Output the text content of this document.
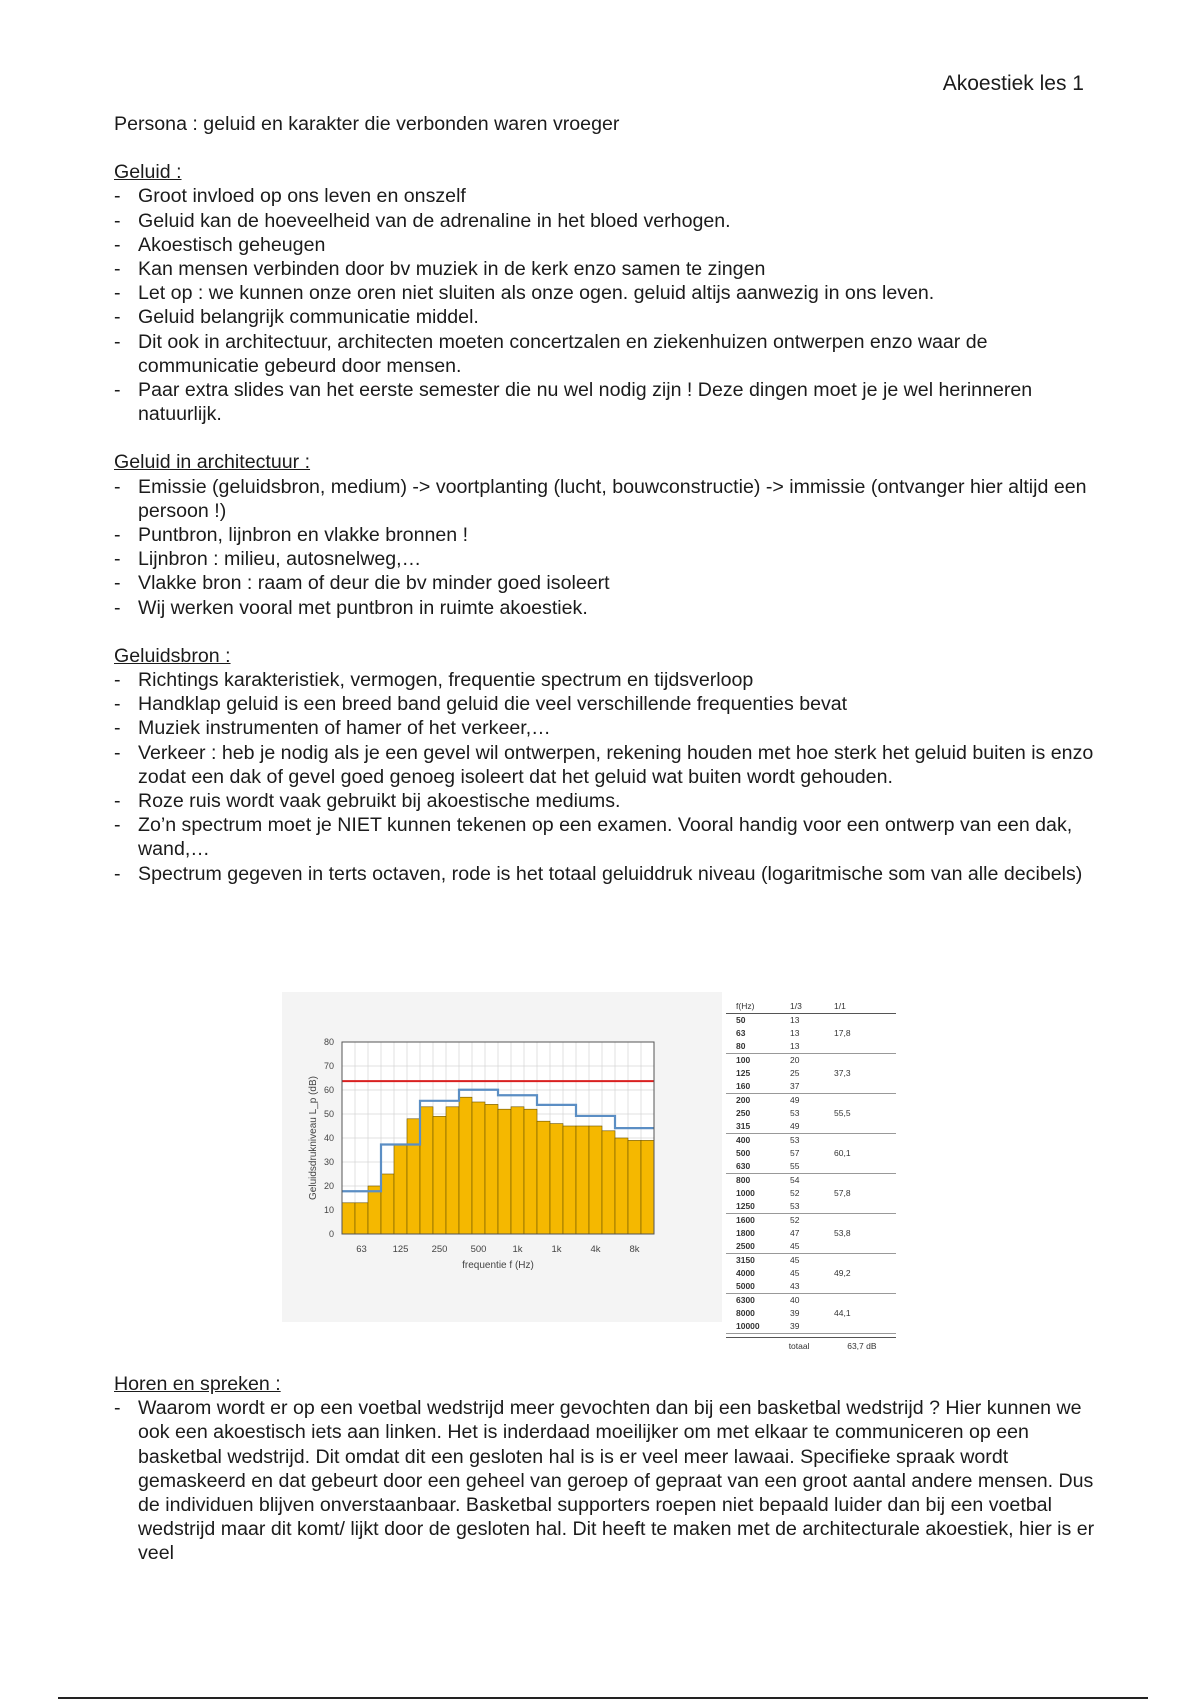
Akoestiek les 1

Persona : geluid en karakter die verbonden waren vroeger

Geluid :

- Groot invloed op ons leven en onszelf
- Geluid kan de hoeveelheid van de adrenaline in het bloed verhogen.
- Akoestisch geheugen
- Kan mensen verbinden door bv muziek in de kerk enzo samen te zingen
- Let op : we kunnen onze oren niet sluiten als onze ogen. geluid altijs aanwezig in ons leven.
- Geluid belangrijk communicatie middel.
- Dit ook in architectuur, architecten moeten concertzalen en ziekenhuizen ontwerpen enzo waar de communicatie gebeurd door mensen.
- Paar extra slides van het eerste semester die nu wel nodig zijn ! Deze dingen moet je je wel herinneren natuurlijk.

Geluid in architectuur :

- Emissie (geluidsbron, medium) -> voortplanting (lucht, bouwconstructie) -> immissie (ontvanger hier altijd een persoon !)
- Puntbron, lijnbron en vlakke bronnen !
- Lijnbron : milieu, autosnelweg,…
- Vlakke bron : raam of deur die bv minder goed isoleert
- Wij werken vooral met puntbron in ruimte akoestiek.

Geluidsbron :

- Richtings karakteristiek, vermogen, frequentie spectrum en tijdsverloop
- Handklap geluid is een breed band geluid die veel verschillende frequenties bevat
- Muziek instrumenten of hamer of het verkeer,…
- Verkeer : heb je nodig als je een gevel wil ontwerpen, rekening houden met hoe sterk het geluid buiten is enzo zodat een dak of gevel goed genoeg isoleert dat het geluid wat buiten wordt gehouden.
- Roze ruis wordt vaak gebruikt bij akoestische mediums.
- Zo’n spectrum moet je NIET kunnen tekenen op een examen. Vooral handig voor een ontwerp van een dak, wand,…
- Spectrum gegeven in terts octaven, rode is het totaal geluiddruk niveau (logaritmische som van alle decibels)
0
10
20
30
40
50
60
70
80
63	125 250 500	1k	1k	4k	8k
frequentie f (Hz)
Geluidsdrukniveau L_p (dB)
f(Hz)	1/3	1/1
50	13
63	13	17,8
80	13
100	20
125	25	37,3
160	37
200	49
250	53	55,5
315	49
400	53
500	57	60,1
630	55
800	54
1000	52	57,8
1250	53
1600	52
1800	47	53,8
2500	45
3150	45
4000	45	49,2
5000	43
6300	40
8000	39	44,1
10000	39
totaal	63,7 dB

Horen en spreken :

- Waarom wordt er op een voetbal wedstrijd meer gevochten dan bij een basketbal wedstrijd ? Hier kunnen we ook een akoestisch iets aan linken. Het is inderdaad moeilijker om met elkaar te communiceren op een basketbal wedstrijd. Dit omdat dit een gesloten hal is is er veel meer lawaai. Specifieke spraak wordt gemaskeerd en dat gebeurt door een geheel van geroep of gepraat van een groot aantal andere mensen. Dus de individuen blijven onverstaanbaar. Basketbal supporters roepen niet bepaald luider dan bij een voetbal wedstrijd maar dit komt/ lijkt door de gesloten hal. Dit heeft te maken met de architecturale akoestiek, hier is er veel
